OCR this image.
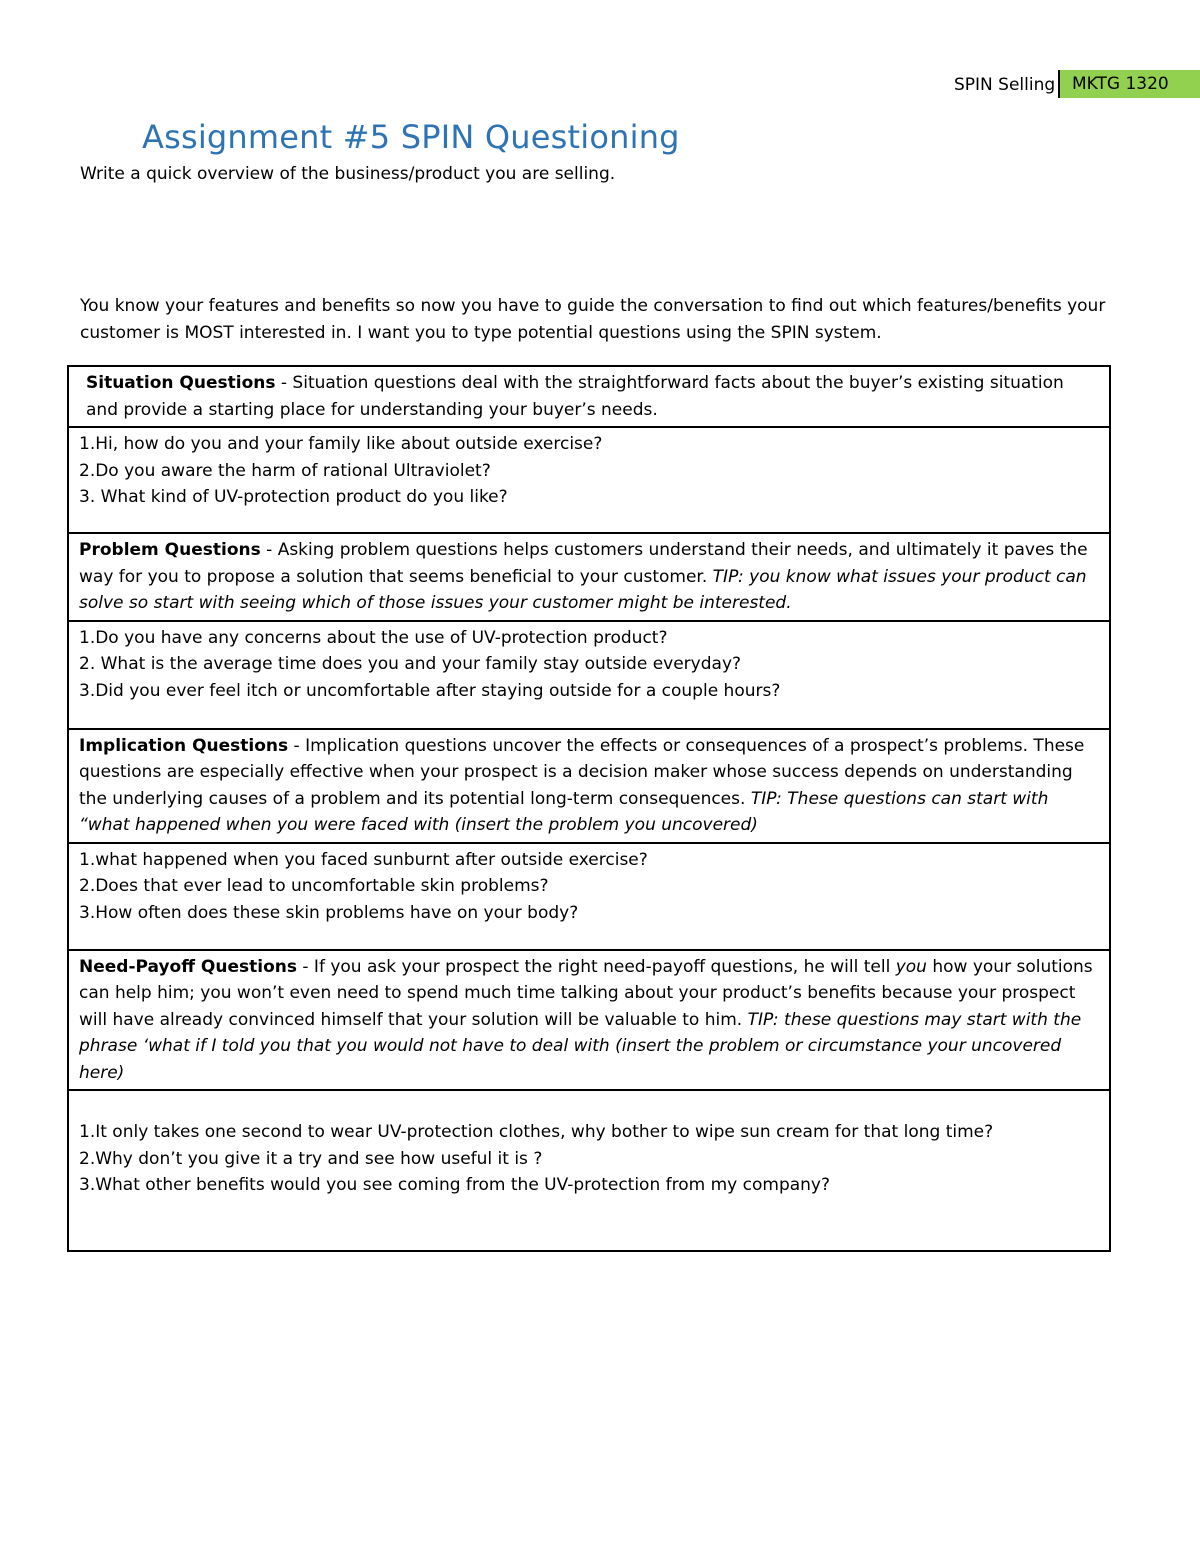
SPIN Selling MKTG 1320
Assignment #5 SPIN Questioning
Write a quick overview of the business/product you are selling.
You know your features and benefits so now you have to guide the conversation to find out which features/benefits your customer is MOST interested in. I want you to type potential questions using the SPIN system.
Situation Questions - Situation questions deal with the straightforward facts about the buyer’s existing situation and provide a starting place for understanding your buyer’s needs.

1.Hi, how do you and your family like about outside exercise?
2.Do you aware the harm of rational Ultraviolet?
3. What kind of UV-protection product do you like?

Problem Questions - Asking problem questions helps customers understand their needs, and ultimately it paves the way for you to propose a solution that seems beneficial to your customer. TIP: you know what issues your product can solve so start with seeing which of those issues your customer might be interested.

1.Do you have any concerns about the use of UV-protection product?
2. What is the average time does you and your family stay outside everyday?
3.Did you ever feel itch or uncomfortable after staying outside for a couple hours?

Implication Questions - Implication questions uncover the effects or consequences of a prospect’s problems. These questions are especially effective when your prospect is a decision maker whose success depends on understanding the underlying causes of a problem and its potential long-term consequences. TIP: These questions can start with “what happened when you were faced with (insert the problem you uncovered)

1.what happened when you faced sunburnt after outside exercise?
2.Does that ever lead to uncomfortable skin problems?
3.How often does these skin problems have on your body?

Need-Payoff Questions - If you ask your prospect the right need-payoff questions, he will tell you how your solutions can help him; you won’t even need to spend much time talking about your product’s benefits because your prospect will have already convinced himself that your solution will be valuable to him. TIP: these questions may start with the phrase ‘what if I told you that you would not have to deal with (insert the problem or circumstance your uncovered here)

1.It only takes one second to wear UV-protection clothes, why bother to wipe sun cream for that long time?
2.Why don’t you give it a try and see how useful it is ?
3.What other benefits would you see coming from the UV-protection from my company?
